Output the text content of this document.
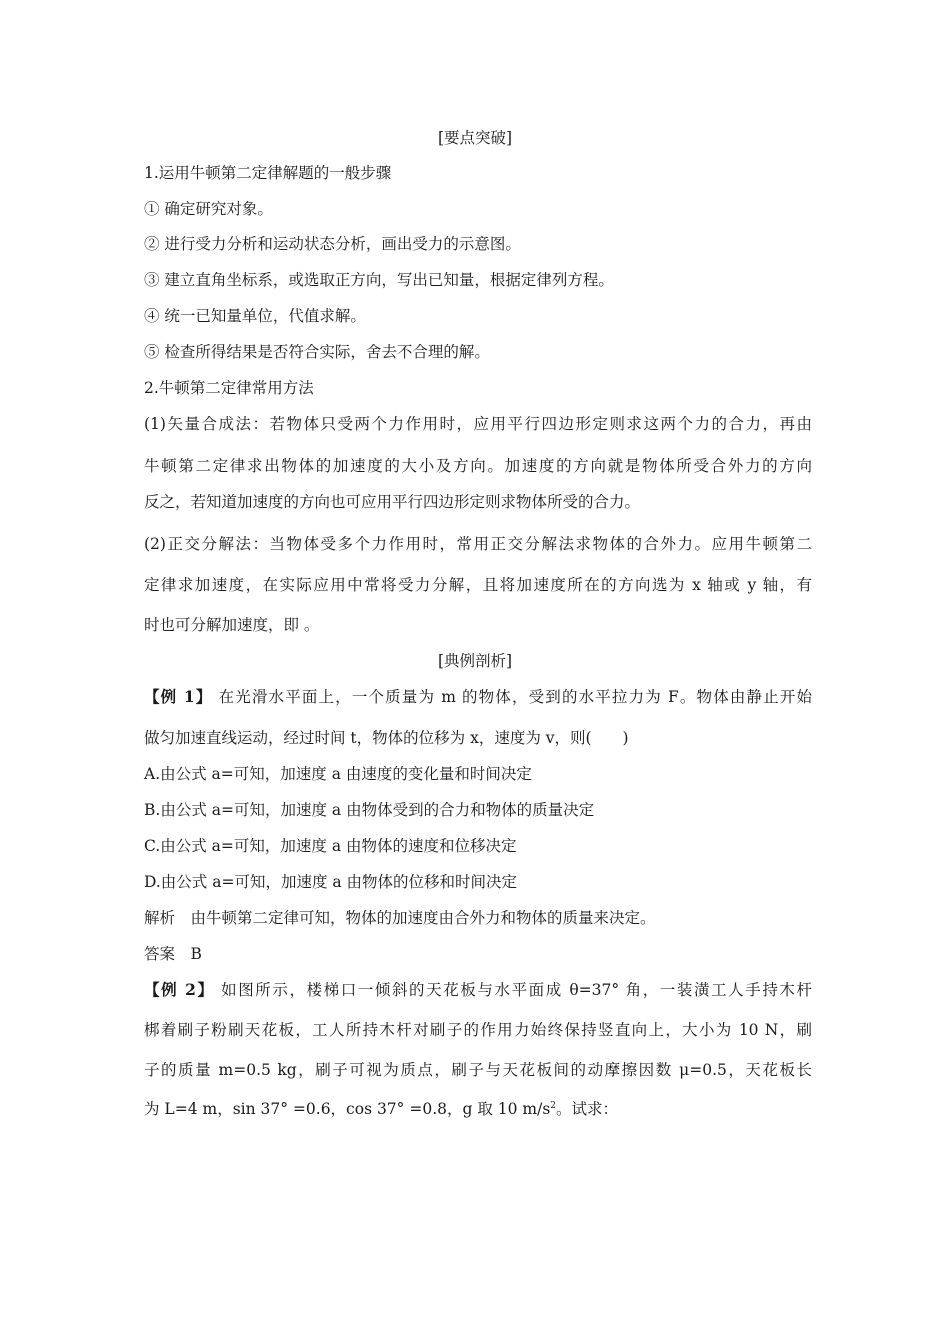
[要点突破]
1.运用牛顿第二定律解题的一般步骤
① 确定研究对象。
② 进行受力分析和运动状态分析，画出受力的示意图。
③ 建立直角坐标系，或选取正方向，写出已知量，根据定律列方程。
④ 统一已知量单位，代值求解。
⑤ 检查所得结果是否符合实际，舍去不合理的解。
2.牛顿第二定律常用方法
(1)矢量合成法：若物体只受两个力作用时，应用平行四边形定则求这两个力的合力，再由
牛顿第二定律求出物体的加速度的大小及方向。加速度的方向就是物体所受合外力的方向
反之，若知道加速度的方向也可应用平行四边形定则求物体所受的合力。
(2)正交分解法：当物体受多个力作用时，常用正交分解法求物体的合外力。应用牛顿第二
定律求加速度，在实际应用中常将受力分解，且将加速度所在的方向选为 x 轴或 y 轴，有
时也可分解加速度，即 。
[典例剖析]
【例 1】 在光滑水平面上，一个质量为 m 的物体，受到的水平拉力为 F。物体由静止开始
做匀加速直线运动，经过时间 t，物体的位移为 x，速度为 v，则(　　)
A.由公式 a=可知，加速度 a 由速度的变化量和时间决定
B.由公式 a=可知，加速度 a 由物体受到的合力和物体的质量决定
C.由公式 a=可知，加速度 a 由物体的速度和位移决定
D.由公式 a=可知，加速度 a 由物体的位移和时间决定
解析　由牛顿第二定律可知，物体的加速度由合外力和物体的质量来决定。
答案　B
【例 2】 如图所示，楼梯口一倾斜的天花板与水平面成 θ=37° 角，一装潢工人手持木杆
梆着刷子粉刷天花板，工人所持木杆对刷子的作用力始终保持竖直向上，大小为 10 N，刷
子的质量 m=0.5 kg，刷子可视为质点，刷子与天花板间的动摩擦因数 μ=0.5，天花板长
为 L=4 m，sin 37° =0.6，cos 37° =0.8，g 取 10 $m/s^2$。试求：
